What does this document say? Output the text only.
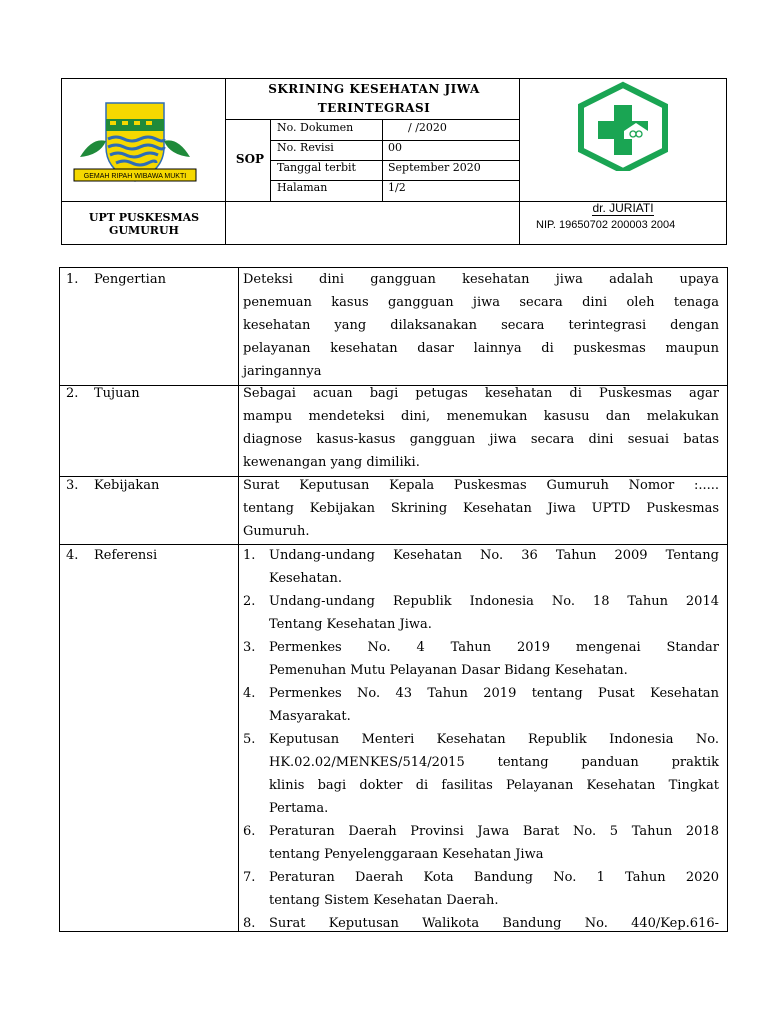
GEMAH RIPAH WIBAWA MUKTI
SKRINING KESEHATAN JIWA
TERINTEGRASI
SOP
No. Dokumen	/ /2020
No. Revisi	00
Tanggal terbit	September 2020
Halaman	1/2
UPT PUSKESMAS
GUMURUH
dr. JURIATI
NIP. 19650702 200003 2004
1. Pengertian	Deteksi dini gangguan kesehatan jiwa adalah upaya
penemuan kasus gangguan jiwa secara dini oleh tenaga
kesehatan yang dilaksanakan secara terintegrasi dengan
pelayanan kesehatan dasar lainnya di puskesmas maupun
jaringannya
2. Tujuan	Sebagai acuan bagi petugas kesehatan di Puskesmas agar
mampu mendeteksi dini, menemukan kasusu dan melakukan
diagnose kasus-kasus gangguan jiwa secara dini sesuai batas
kewenangan yang dimiliki.
3. Kebijakan	Surat Keputusan Kepala Puskesmas Gumuruh Nomor :.....
tentang Kebijakan Skrining Kesehatan Jiwa UPTD Puskesmas
Gumuruh.
4. Referensi	1.	Undang-undang Kesehatan No. 36 Tahun 2009 Tentang
Kesehatan.
2.	Undang-undang Republik Indonesia No. 18 Tahun 2014
Tentang Kesehatan Jiwa.
3.	Permenkes No. 4 Tahun 2019 mengenai Standar
Pemenuhan Mutu Pelayanan Dasar Bidang Kesehatan.
4.	Permenkes No. 43 Tahun 2019 tentang Pusat Kesehatan
Masyarakat.
5.	Keputusan Menteri Kesehatan Republik Indonesia No.
HK.02.02/MENKES/514/2015 tentang panduan praktik
klinis bagi dokter di fasilitas Pelayanan Kesehatan Tingkat
Pertama.
6.	Peraturan Daerah Provinsi Jawa Barat No. 5 Tahun 2018
tentang Penyelenggaraan Kesehatan Jiwa
7.	Peraturan Daerah Kota Bandung No. 1 Tahun 2020
tentang Sistem Kesehatan Daerah.
8.	Surat Keputusan Walikota Bandung No. 440/Kep.616-
